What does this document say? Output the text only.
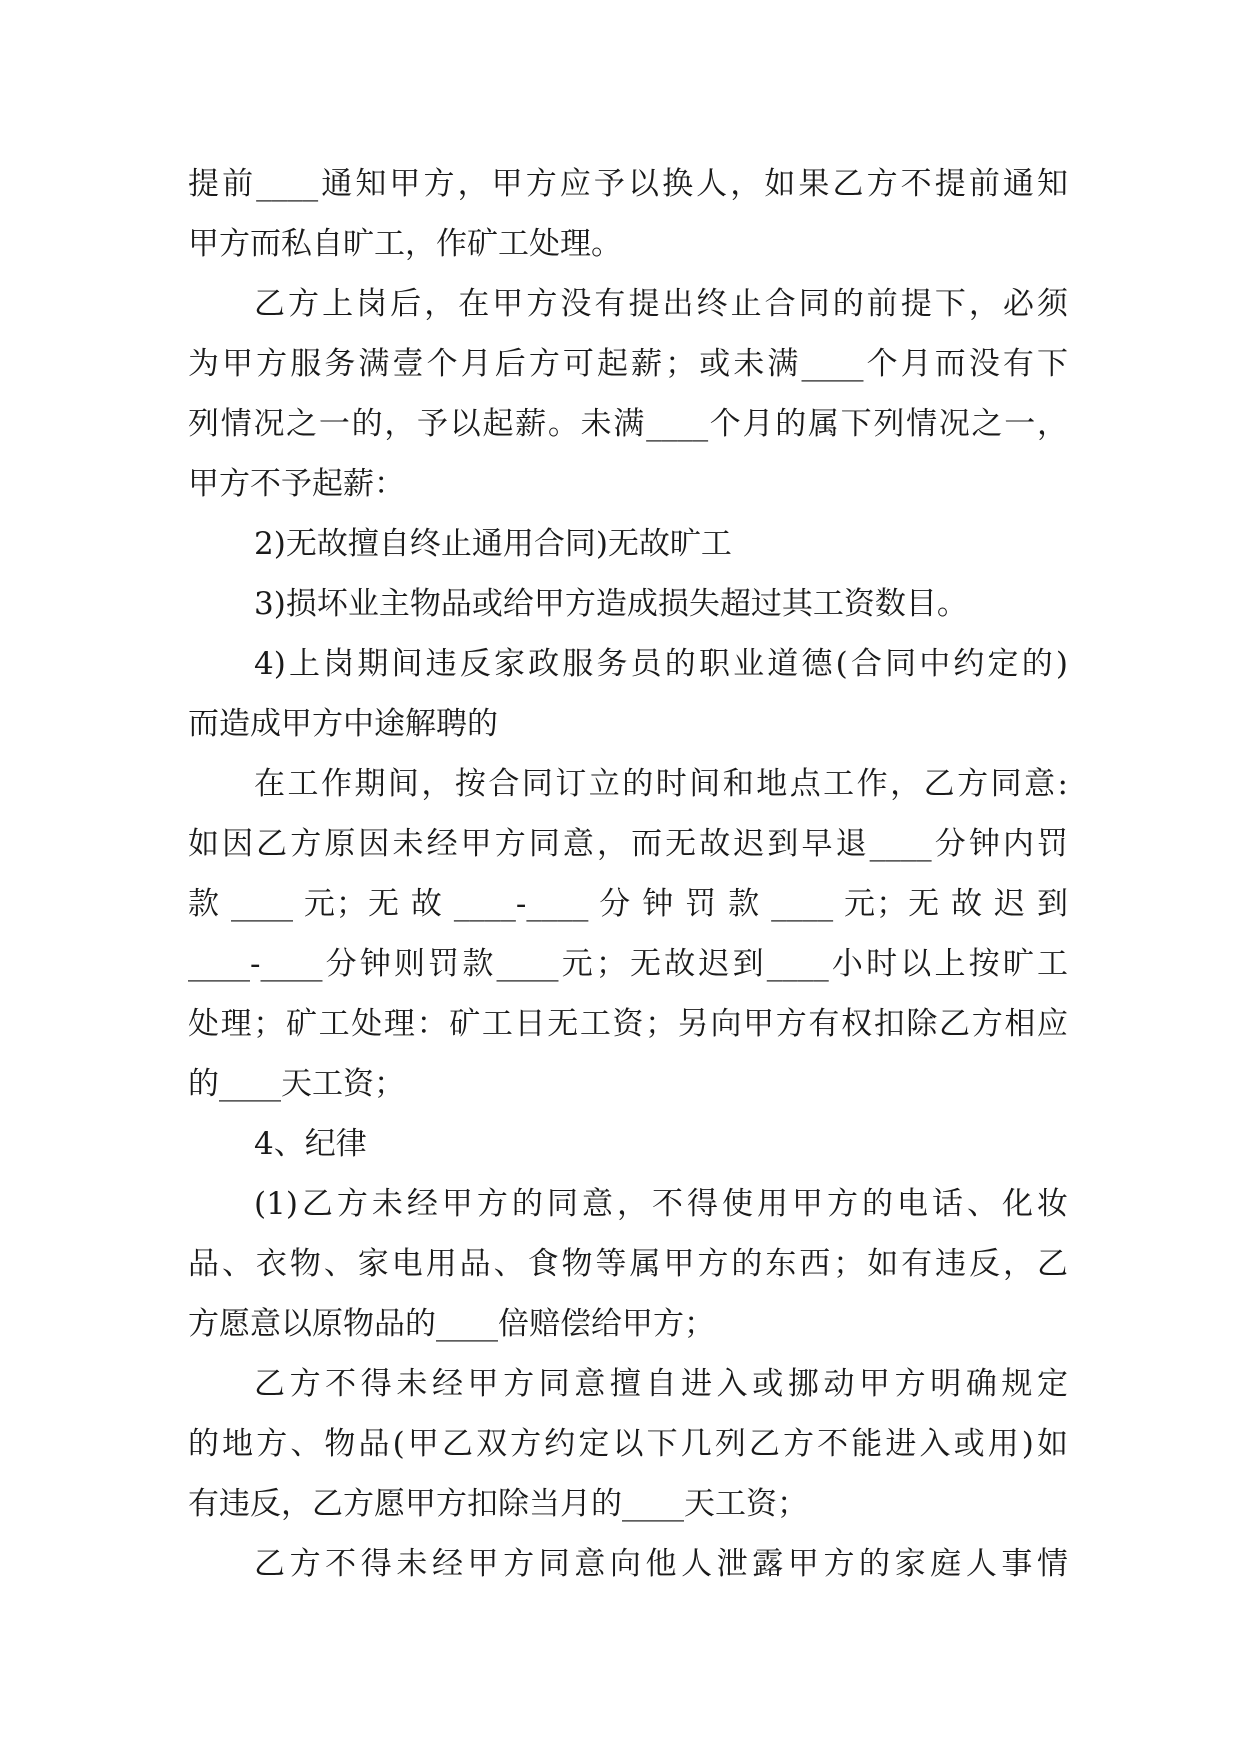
提前____通知甲方，甲方应予以换人，如果乙方不提前通知
甲方而私自旷工，作矿工处理。
乙方上岗后，在甲方没有提出终止合同的前提下，必须
为甲方服务满壹个月后方可起薪；或未满____个月而没有下
列情况之一的，予以起薪。未满____个月的属下列情况之一，
甲方不予起薪：
2)无故擅自终止通用合同)无故旷工
3)损坏业主物品或给甲方造成损失超过其工资数目。
4)上岗期间违反家政服务员的职业道德(合同中约定的)
而造成甲方中途解聘的
在工作期间，按合同订立的时间和地点工作，乙方同意:
如因乙方原因未经甲方同意，而无故迟到早退____分钟内罚
款 ____ 元；无 故 ____-____ 分 钟 罚 款 ____ 元；无 故 迟 到
____-____分钟则罚款____元；无故迟到____小时以上按旷工
处理；矿工处理：矿工日无工资；另向甲方有权扣除乙方相应
的____天工资；
4、纪律
(1)乙方未经甲方的同意，不得使用甲方的电话、化妆
品、衣物、家电用品、食物等属甲方的东西；如有违反，乙
方愿意以原物品的____倍赔偿给甲方；
乙方不得未经甲方同意擅自进入或挪动甲方明确规定
的地方、物品(甲乙双方约定以下几列乙方不能进入或用)如
有违反，乙方愿甲方扣除当月的____天工资；
乙方不得未经甲方同意向他人泄露甲方的家庭人事情
